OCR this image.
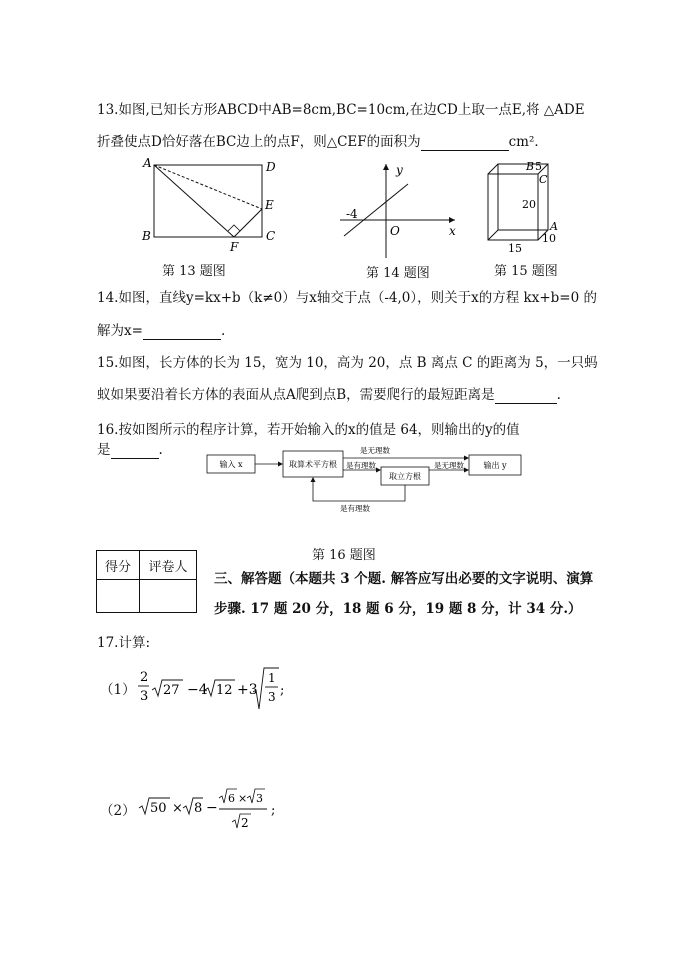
13.如图,已知长方形ABCD中AB=8cm,BC=10cm,在边CD上取一点E,将 △ADE
折叠使点D恰好落在BC边上的点F，则△CEF的面积为	cm²．
A	D
E
B	C
F
第 13 题图
y
x
O
-4
第 14 题图
B 5
C
20
A
10
15
第 15 题图
14.如图，直线y=kx+b（k≠0）与x轴交于点（-4,0），则关于x的方程 kx+b=0 的
解为x=	.
15.如图，长方体的长为 15，宽为 10，高为 20，点 B 离点 C 的距离为 5，一只蚂
蚁如果要沿着长方体的表面从点A爬到点B，需要爬行的最短距离是	.
16.按如图所示的程序计算，若开始输入的x的值是 64，则输出的y的值
是	.
输入 x	取算术平方根
是无理数
是有理数
取立方根
是无理数 输出 y
是有理数
第 16 题图
得分	评卷人

三、解答题（本题共 3 个题. 解答应写出必要的文字说明、演算
步骤. 17 题 20 分，18 题 6 分，19 题 8 分，计 34 分.）
17.计算:
（1）
2
3 27 −4 12 +3
1
3 ;
（2） 50 × 8 −
6 × 3
2
;
